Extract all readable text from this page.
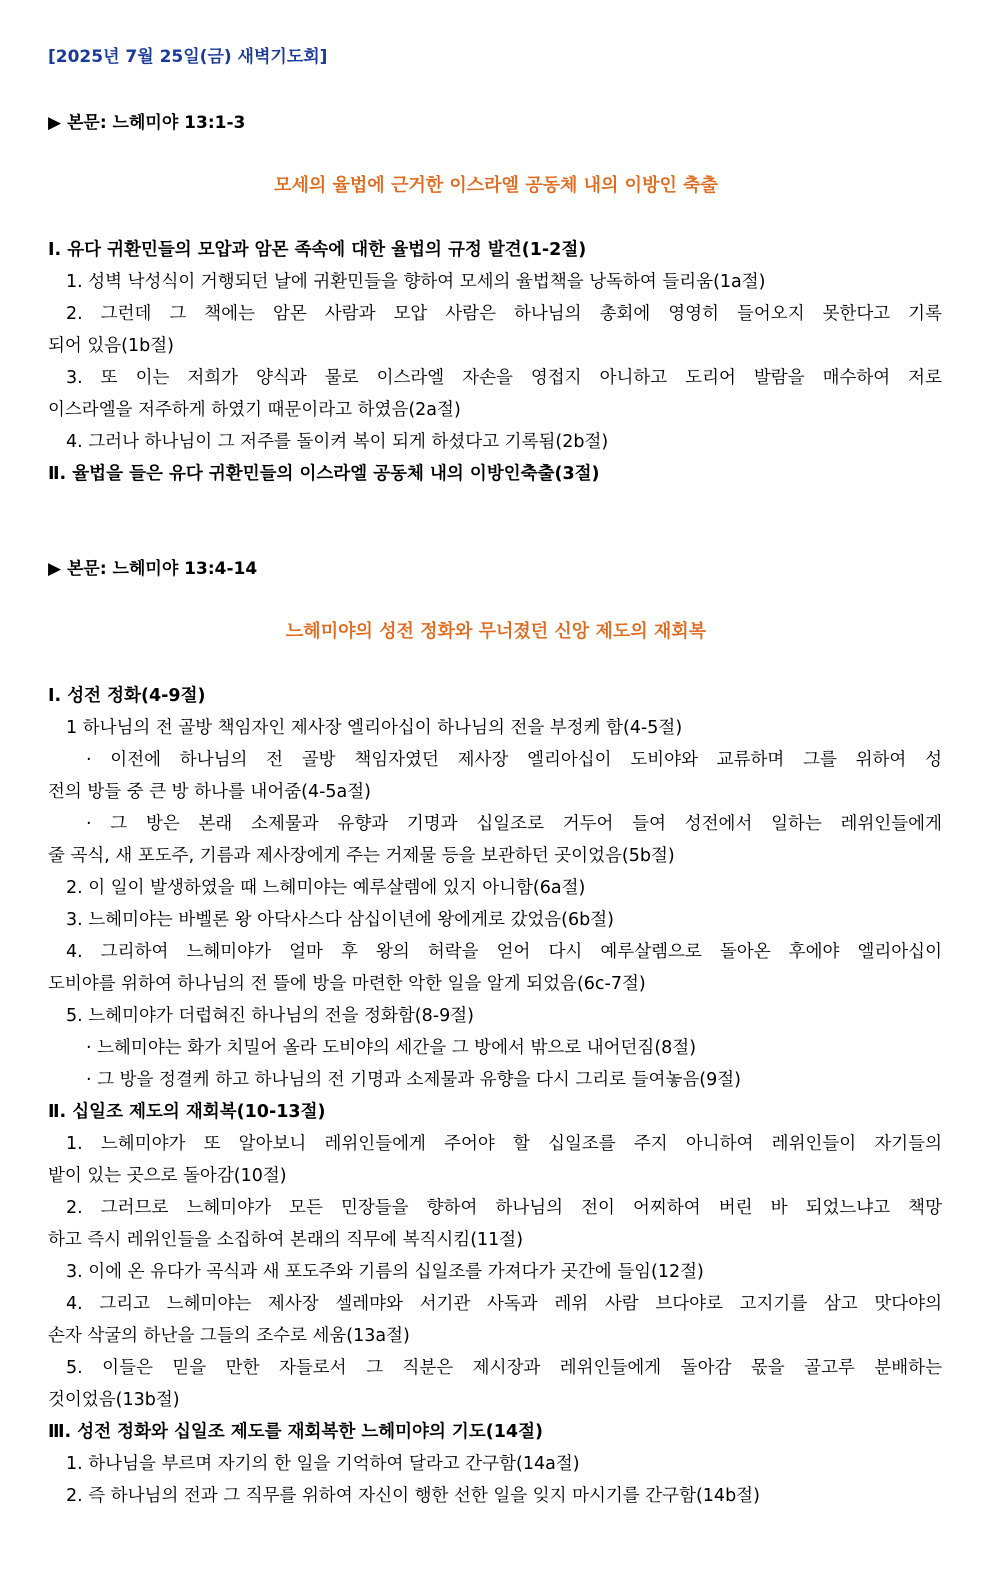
[2025년 7월 25일(금) 새벽기도회]
▶ 본문: 느헤미야 13:1-3
모세의 율법에 근거한 이스라엘 공동체 내의 이방인 축출
Ⅰ. 유다 귀환민들의 모압과 암몬 족속에 대한 율법의 규정 발견(1-2절)
1. 성벽 낙성식이 거행되던 날에 귀환민들을 향하여 모세의 율법책을 낭독하여 들리움(1a절)
2. 그런데 그 책에는 암몬 사람과 모압 사람은 하나님의 총회에 영영히 들어오지 못한다고 기록
되어 있음(1b절)
3. 또 이는 저희가 양식과 물로 이스라엘 자손을 영접지 아니하고 도리어 발람을 매수하여 저로
이스라엘을 저주하게 하였기 때문이라고 하였음(2a절)
4. 그러나 하나님이 그 저주를 돌이켜 복이 되게 하셨다고 기록됨(2b절)
Ⅱ. 율법을 들은 유다 귀환민들의 이스라엘 공동체 내의 이방인축출(3절)
▶ 본문: 느헤미야 13:4-14
느헤미야의 성전 정화와 무너졌던 신앙 제도의 재회복
Ⅰ. 성전 정화(4-9절)
1 하나님의 전 골방 책임자인 제사장 엘리아십이 하나님의 전을 부정케 함(4-5절)
· 이전에 하나님의 전 골방 책임자였던 제사장 엘리아십이 도비야와 교류하며 그를 위하여 성
전의 방들 중 큰 방 하나를 내어줌(4-5a절)
· 그 방은 본래 소제물과 유향과 기명과 십일조로 거두어 들여 성전에서 일하는 레위인들에게
줄 곡식, 새 포도주, 기름과 제사장에게 주는 거제물 등을 보관하던 곳이었음(5b절)
2. 이 일이 발생하였을 때 느헤미야는 예루살렘에 있지 아니함(6a절)
3. 느헤미야는 바벨론 왕 아닥사스다 삼십이년에 왕에게로 갔었음(6b절)
4. 그리하여 느헤미야가 얼마 후 왕의 허락을 얻어 다시 예루살렘으로 돌아온 후에야 엘리아십이
도비야를 위하여 하나님의 전 뜰에 방을 마련한 악한 일을 알게 되었음(6c-7절)
5. 느헤미야가 더럽혀진 하나님의 전을 정화함(8-9절)
· 느헤미야는 화가 치밀어 올라 도비야의 세간을 그 방에서 밖으로 내어던짐(8절)
· 그 방을 정결케 하고 하나님의 전 기명과 소제물과 유향을 다시 그리로 들여놓음(9절)
Ⅱ. 십일조 제도의 재회복(10-13절)
1. 느헤미야가 또 알아보니 레위인들에게 주어야 할 십일조를 주지 아니하여 레위인들이 자기들의
밭이 있는 곳으로 돌아감(10절)
2. 그러므로 느헤미야가 모든 민장들을 향하여 하나님의 전이 어찌하여 버린 바 되었느냐고 책망
하고 즉시 레위인들을 소집하여 본래의 직무에 복직시킴(11절)
3. 이에 온 유다가 곡식과 새 포도주와 기름의 십일조를 가져다가 곳간에 들임(12절)
4. 그리고 느헤미야는 제사장 셀레먀와 서기관 사독과 레위 사람 브다야로 고지기를 삼고 맛다야의
손자 삭굴의 하난을 그들의 조수로 세움(13a절)
5. 이들은 믿을 만한 자들로서 그 직분은 제시장과 레위인들에게 돌아감 몫을 골고루 분배하는
것이었음(13b절)
Ⅲ. 성전 정화와 십일조 제도를 재회복한 느헤미야의 기도(14절)
1. 하나님을 부르며 자기의 한 일을 기억하여 달라고 간구함(14a절)
2. 즉 하나님의 전과 그 직무를 위하여 자신이 행한 선한 일을 잊지 마시기를 간구함(14b절)
